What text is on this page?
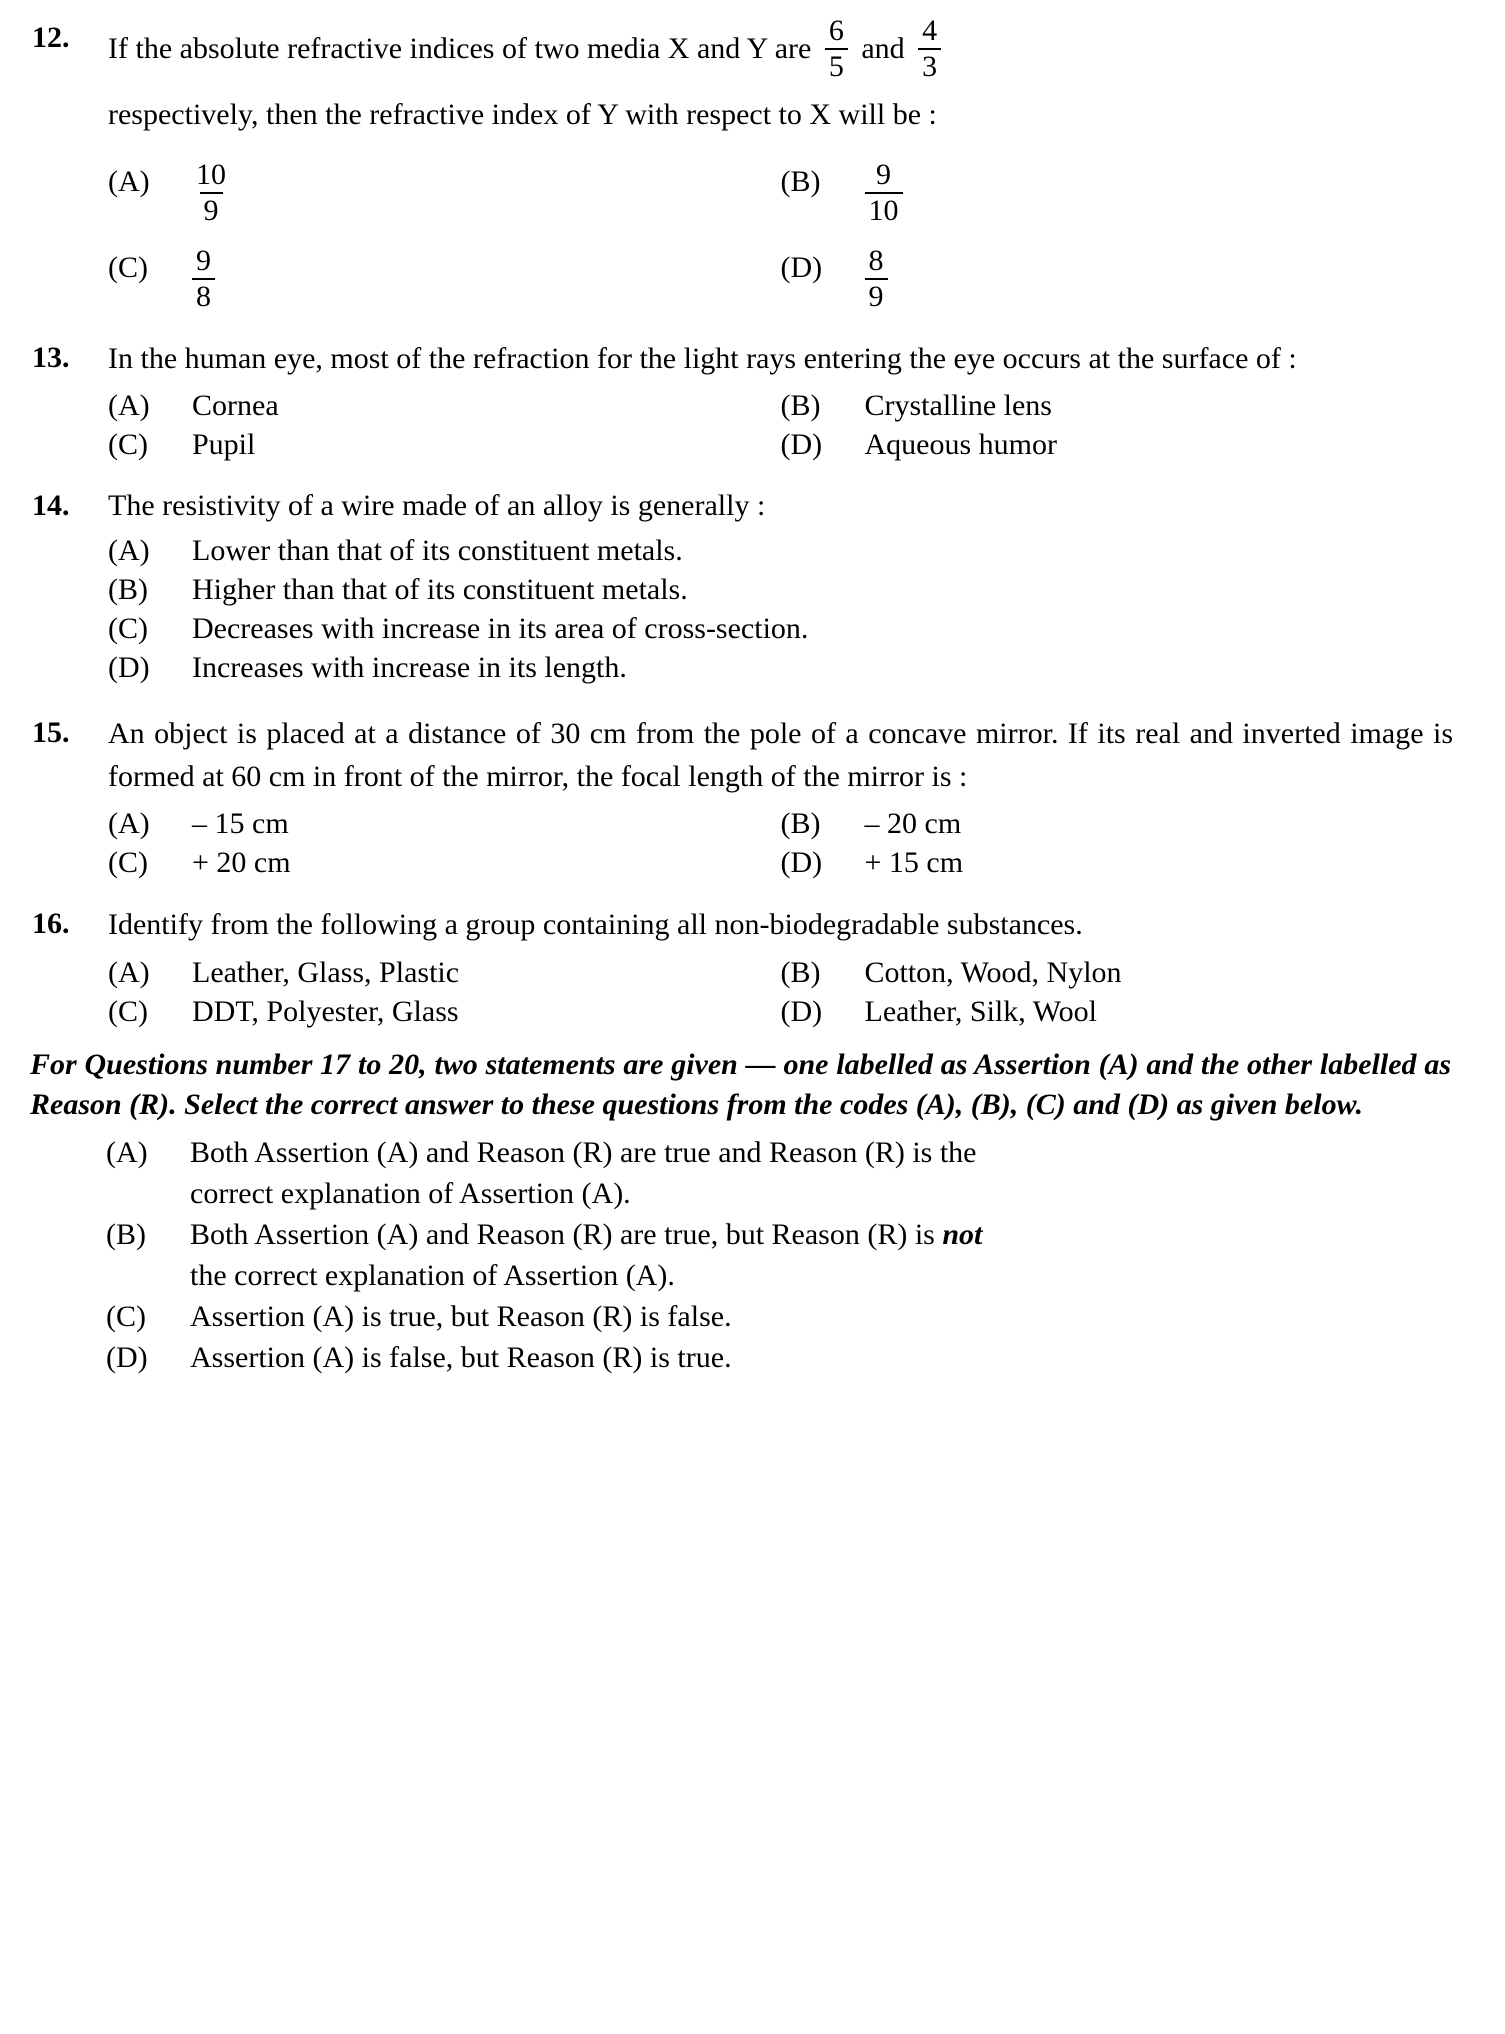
12.	If the absolute refractive indices of two media X and Y are $\frac{6}{5}$ and $\frac{4}{3}$

respectively, then the refractive index of Y with respect to X will be :
(A)	$\frac{10}{9}$	(B)	$\frac{9}{10}$
(C)	$\frac{9}{8}$	(D)	$\frac{8}{9}$
13.	In the human eye, most of the refraction for the light rays entering the eye occurs at the surface of :
(A)	Cornea	(B)	Crystalline lens
(C)	Pupil	(D)	Aqueous humor
14.	The resistivity of a wire made of an alloy is generally :
(A)	Lower than that of its constituent metals.
(B)	Higher than that of its constituent metals.
(C)	Decreases with increase in its area of cross-section.
(D)	Increases with increase in its length.
15.	An object is placed at a distance of 30 cm from the pole of a concave mirror. If its real and inverted image is formed at 60 cm in front of the mirror, the focal length of the mirror is :
(A)	– 15 cm	(B)	– 20 cm
(C)	+ 20 cm	(D)	+ 15 cm
16.	Identify from the following a group containing all non-biodegradable substances.
(A)	Leather, Glass, Plastic	(B)	Cotton, Wood, Nylon
(C)	DDT, Polyester, Glass	(D)	Leather, Silk, Wool
For Questions number 17 to 20, two statements are given — one labelled as Assertion (A) and the other labelled as Reason (R). Select the correct answer to these questions from the codes (A), (B), (C) and (D) as given below.
(A)	Both Assertion (A) and Reason (R) are true and Reason (R) is the
correct explanation of Assertion (A).
(B)	Both Assertion (A) and Reason (R) are true, but Reason (R) is not
the correct explanation of Assertion (A).
(C)	Assertion (A) is true, but Reason (R) is false.
(D)	Assertion (A) is false, but Reason (R) is true.
